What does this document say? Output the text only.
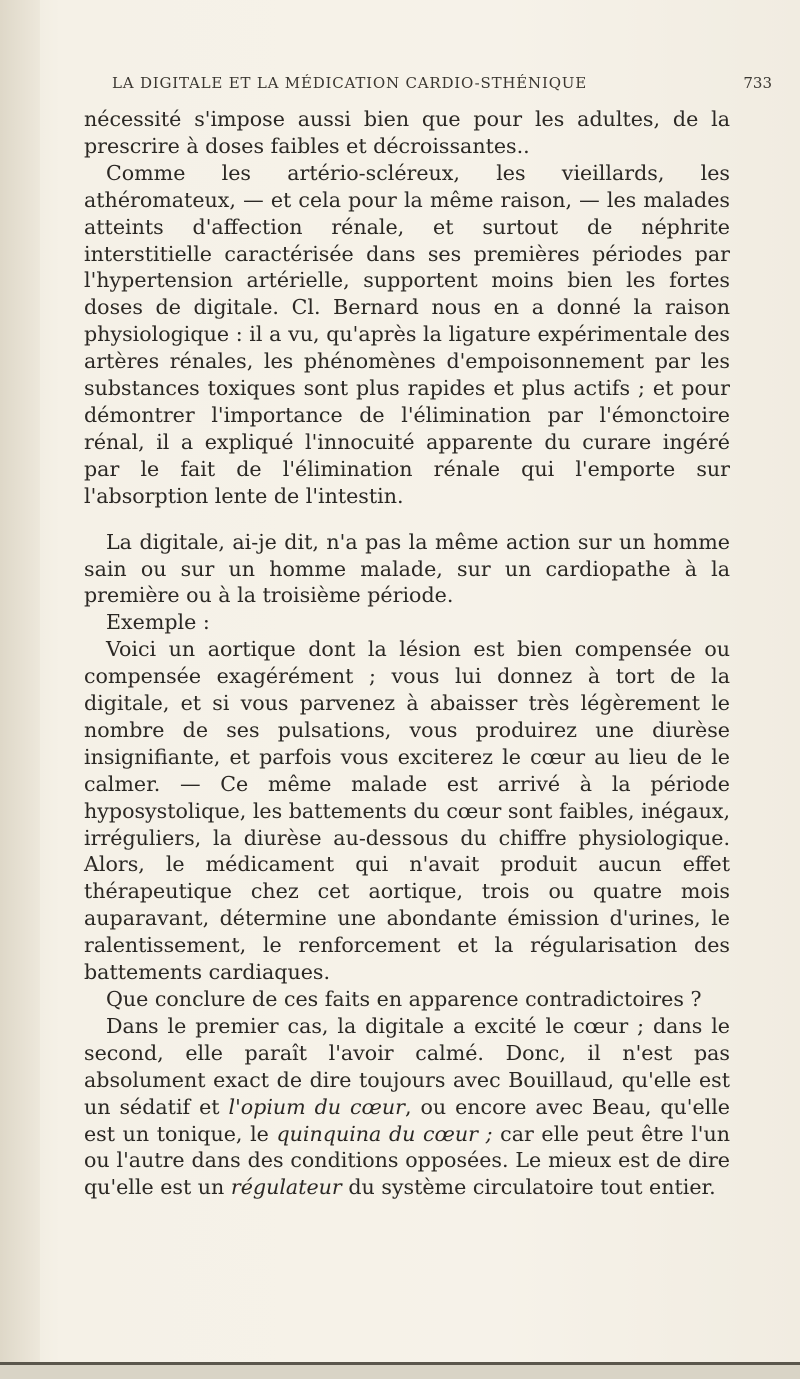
LA DIGITALE ET LA MÉDICATION CARDIO-STHÉNIQUE	733

nécessité s'impose aussi bien que pour les adultes, de la prescrire à doses faibles et décroissantes..

Comme les artério-scléreux, les vieillards, les athéromateux, — et cela pour la même raison, — les malades atteints d'affection rénale, et surtout de néphrite interstitielle caractérisée dans ses premières périodes par l'hypertension artérielle, supportent moins bien les fortes doses de digitale. Cl. Bernard nous en a donné la raison physiologique : il a vu, qu'après la ligature expérimentale des artères rénales, les phénomènes d'empoisonnement par les substances toxiques sont plus rapides et plus actifs ; et pour démontrer l'importance de l'élimination par l'émonctoire rénal, il a expliqué l'innocuité apparente du curare ingéré par le fait de l'élimination rénale qui l'emporte sur l'absorption lente de l'intestin.

La digitale, ai-je dit, n'a pas la même action sur un homme sain ou sur un homme malade, sur un cardiopathe à la première ou à la troisième période.

Exemple :

Voici un aortique dont la lésion est bien compensée ou compensée exagérément ; vous lui donnez à tort de la digitale, et si vous parvenez à abaisser très légèrement le nombre de ses pulsations, vous produirez une diurèse insignifiante, et parfois vous exciterez le cœur au lieu de le calmer. — Ce même malade est arrivé à la période hyposystolique, les battements du cœur sont faibles, inégaux, irréguliers, la diurèse au-dessous du chiffre physiologique. Alors, le médicament qui n'avait produit aucun effet thérapeutique chez cet aortique, trois ou quatre mois auparavant, détermine une abondante émission d'urines, le ralentissement, le renforcement et la régularisation des battements cardiaques.

Que conclure de ces faits en apparence contradictoires ?

Dans le premier cas, la digitale a excité le cœur ; dans le second, elle paraît l'avoir calmé. Donc, il n'est pas absolument exact de dire toujours avec Bouillaud, qu'elle est un sédatif et l'opium du cœur, ou encore avec Beau, qu'elle est un tonique, le quinquina du cœur ; car elle peut être l'un ou l'autre dans des conditions opposées. Le mieux est de dire qu'elle est un régulateur du système circulatoire tout entier.
